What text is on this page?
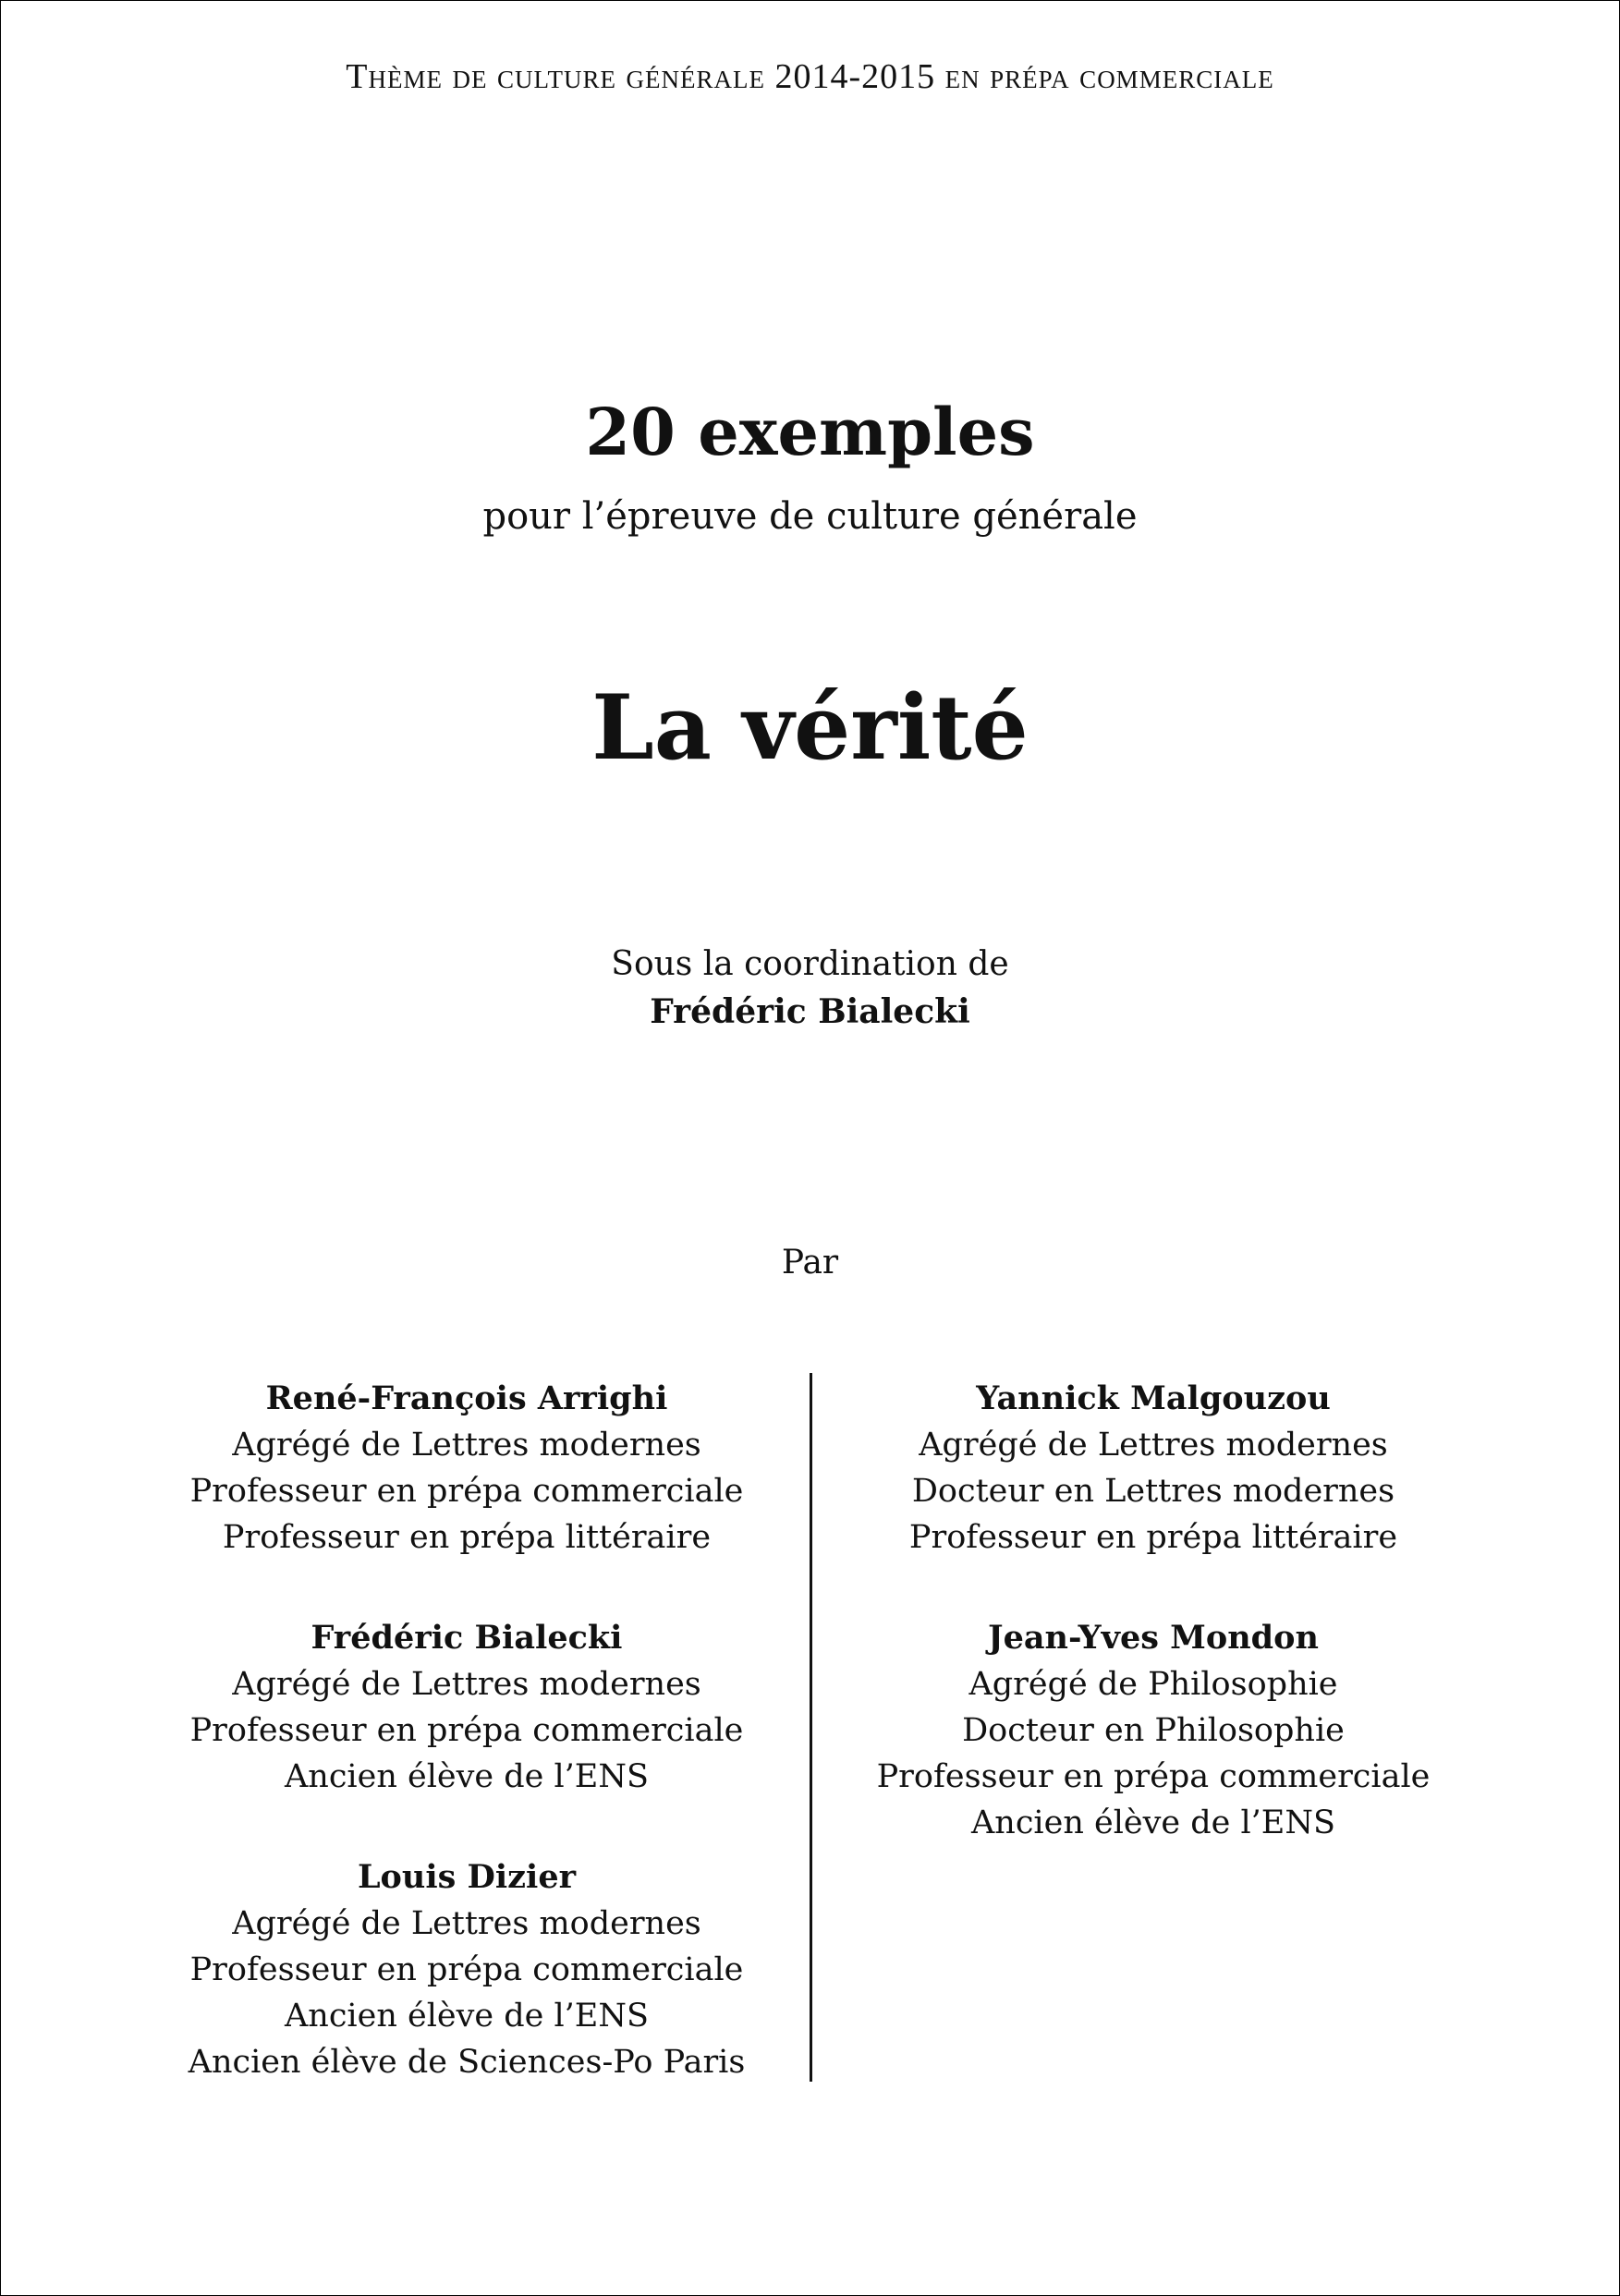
Thème de culture générale 2014-2015 en prépa commerciale
20 exemples
pour l’épreuve de culture générale
La vérité
Sous la coordination de
Frédéric Bialecki
Par
René-François Arrighi
Agrégé de Lettres modernes
Professeur en prépa commerciale
Professeur en prépa littéraire
Frédéric Bialecki
Agrégé de Lettres modernes
Professeur en prépa commerciale
Ancien élève de l’ENS
Louis Dizier
Agrégé de Lettres modernes
Professeur en prépa commerciale
Ancien élève de l’ENS
Ancien élève de Sciences-Po Paris
Yannick Malgouzou
Agrégé de Lettres modernes
Docteur en Lettres modernes
Professeur en prépa littéraire
Jean-Yves Mondon
Agrégé de Philosophie
Docteur en Philosophie
Professeur en prépa commerciale
Ancien élève de l’ENS
